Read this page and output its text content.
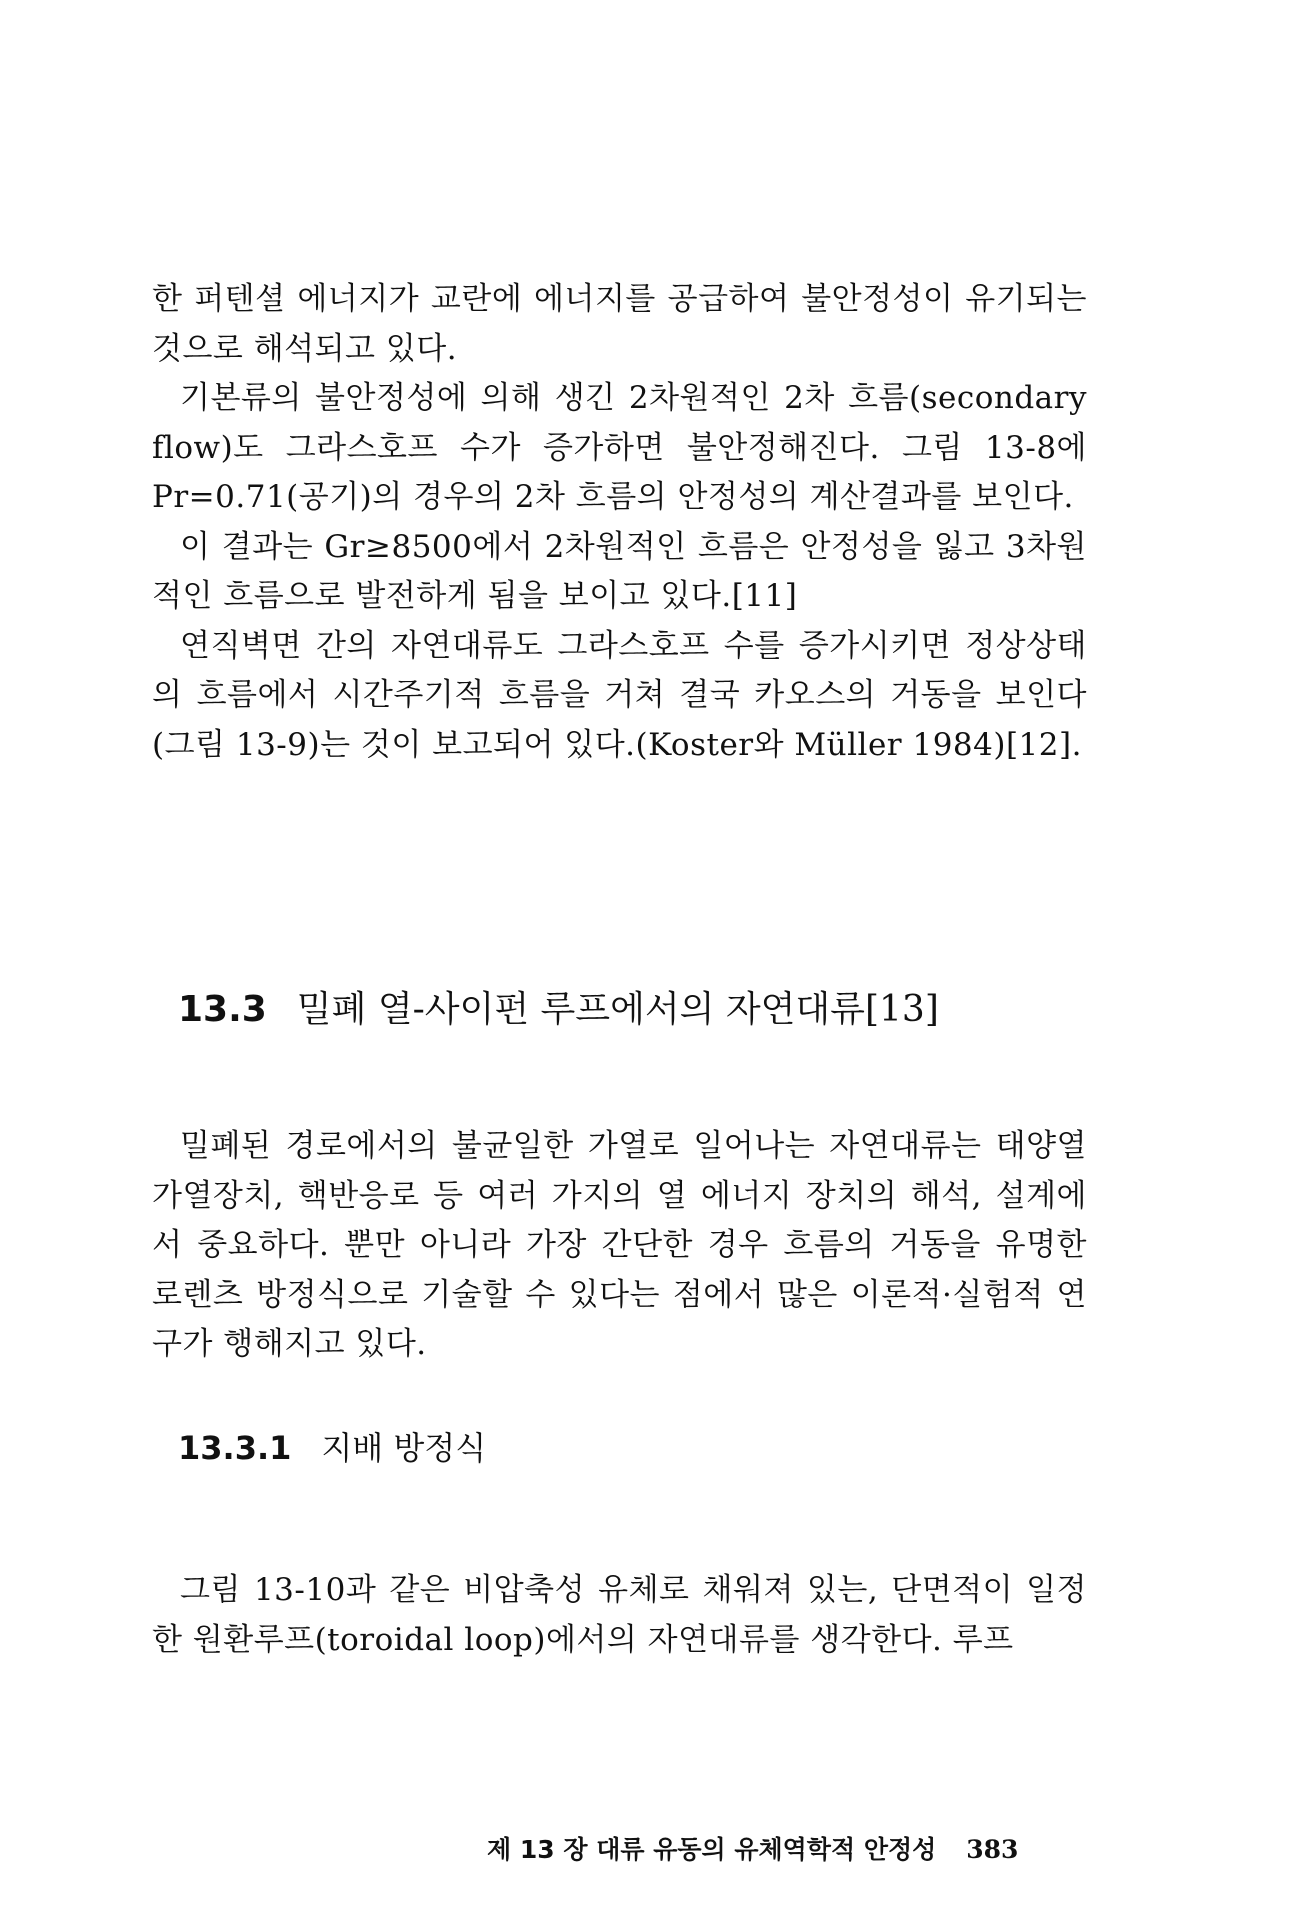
한 퍼텐셜 에너지가 교란에 에너지를 공급하여 불안정성이 유기되는 것으로 해석되고 있다.

기본류의 불안정성에 의해 생긴 2차원적인 2차 흐름(secondary flow)도 그라스호프 수가 증가하면 불안정해진다. 그림 13-8에 Pr=0.71(공기)의 경우의 2차 흐름의 안정성의 계산결과를 보인다.

이 결과는 Gr≥8500에서 2차원적인 흐름은 안정성을 잃고 3차원적인 흐름으로 발전하게 됨을 보이고 있다.[11]

연직벽면 간의 자연대류도 그라스호프 수를 증가시키면 정상상태의 흐름에서 시간주기적 흐름을 거쳐 결국 카오스의 거동을 보인다(그림 13-9)는 것이 보고되어 있다.(Koster와 Müller 1984)[12].

13.3 밀폐 열-사이펀 루프에서의 자연대류[13]

밀폐된 경로에서의 불균일한 가열로 일어나는 자연대류는 태양열 가열장치, 핵반응로 등 여러 가지의 열 에너지 장치의 해석, 설계에서 중요하다. 뿐만 아니라 가장 간단한 경우 흐름의 거동을 유명한 로렌츠 방정식으로 기술할 수 있다는 점에서 많은 이론적·실험적 연구가 행해지고 있다.

13.3.1 지배 방정식

그림 13-10과 같은 비압축성 유체로 채워져 있는, 단면적이 일정한 원환루프(toroidal loop)에서의 자연대류를 생각한다. 루프

제 13 장 대류 유동의 유체역학적 안정성 383
